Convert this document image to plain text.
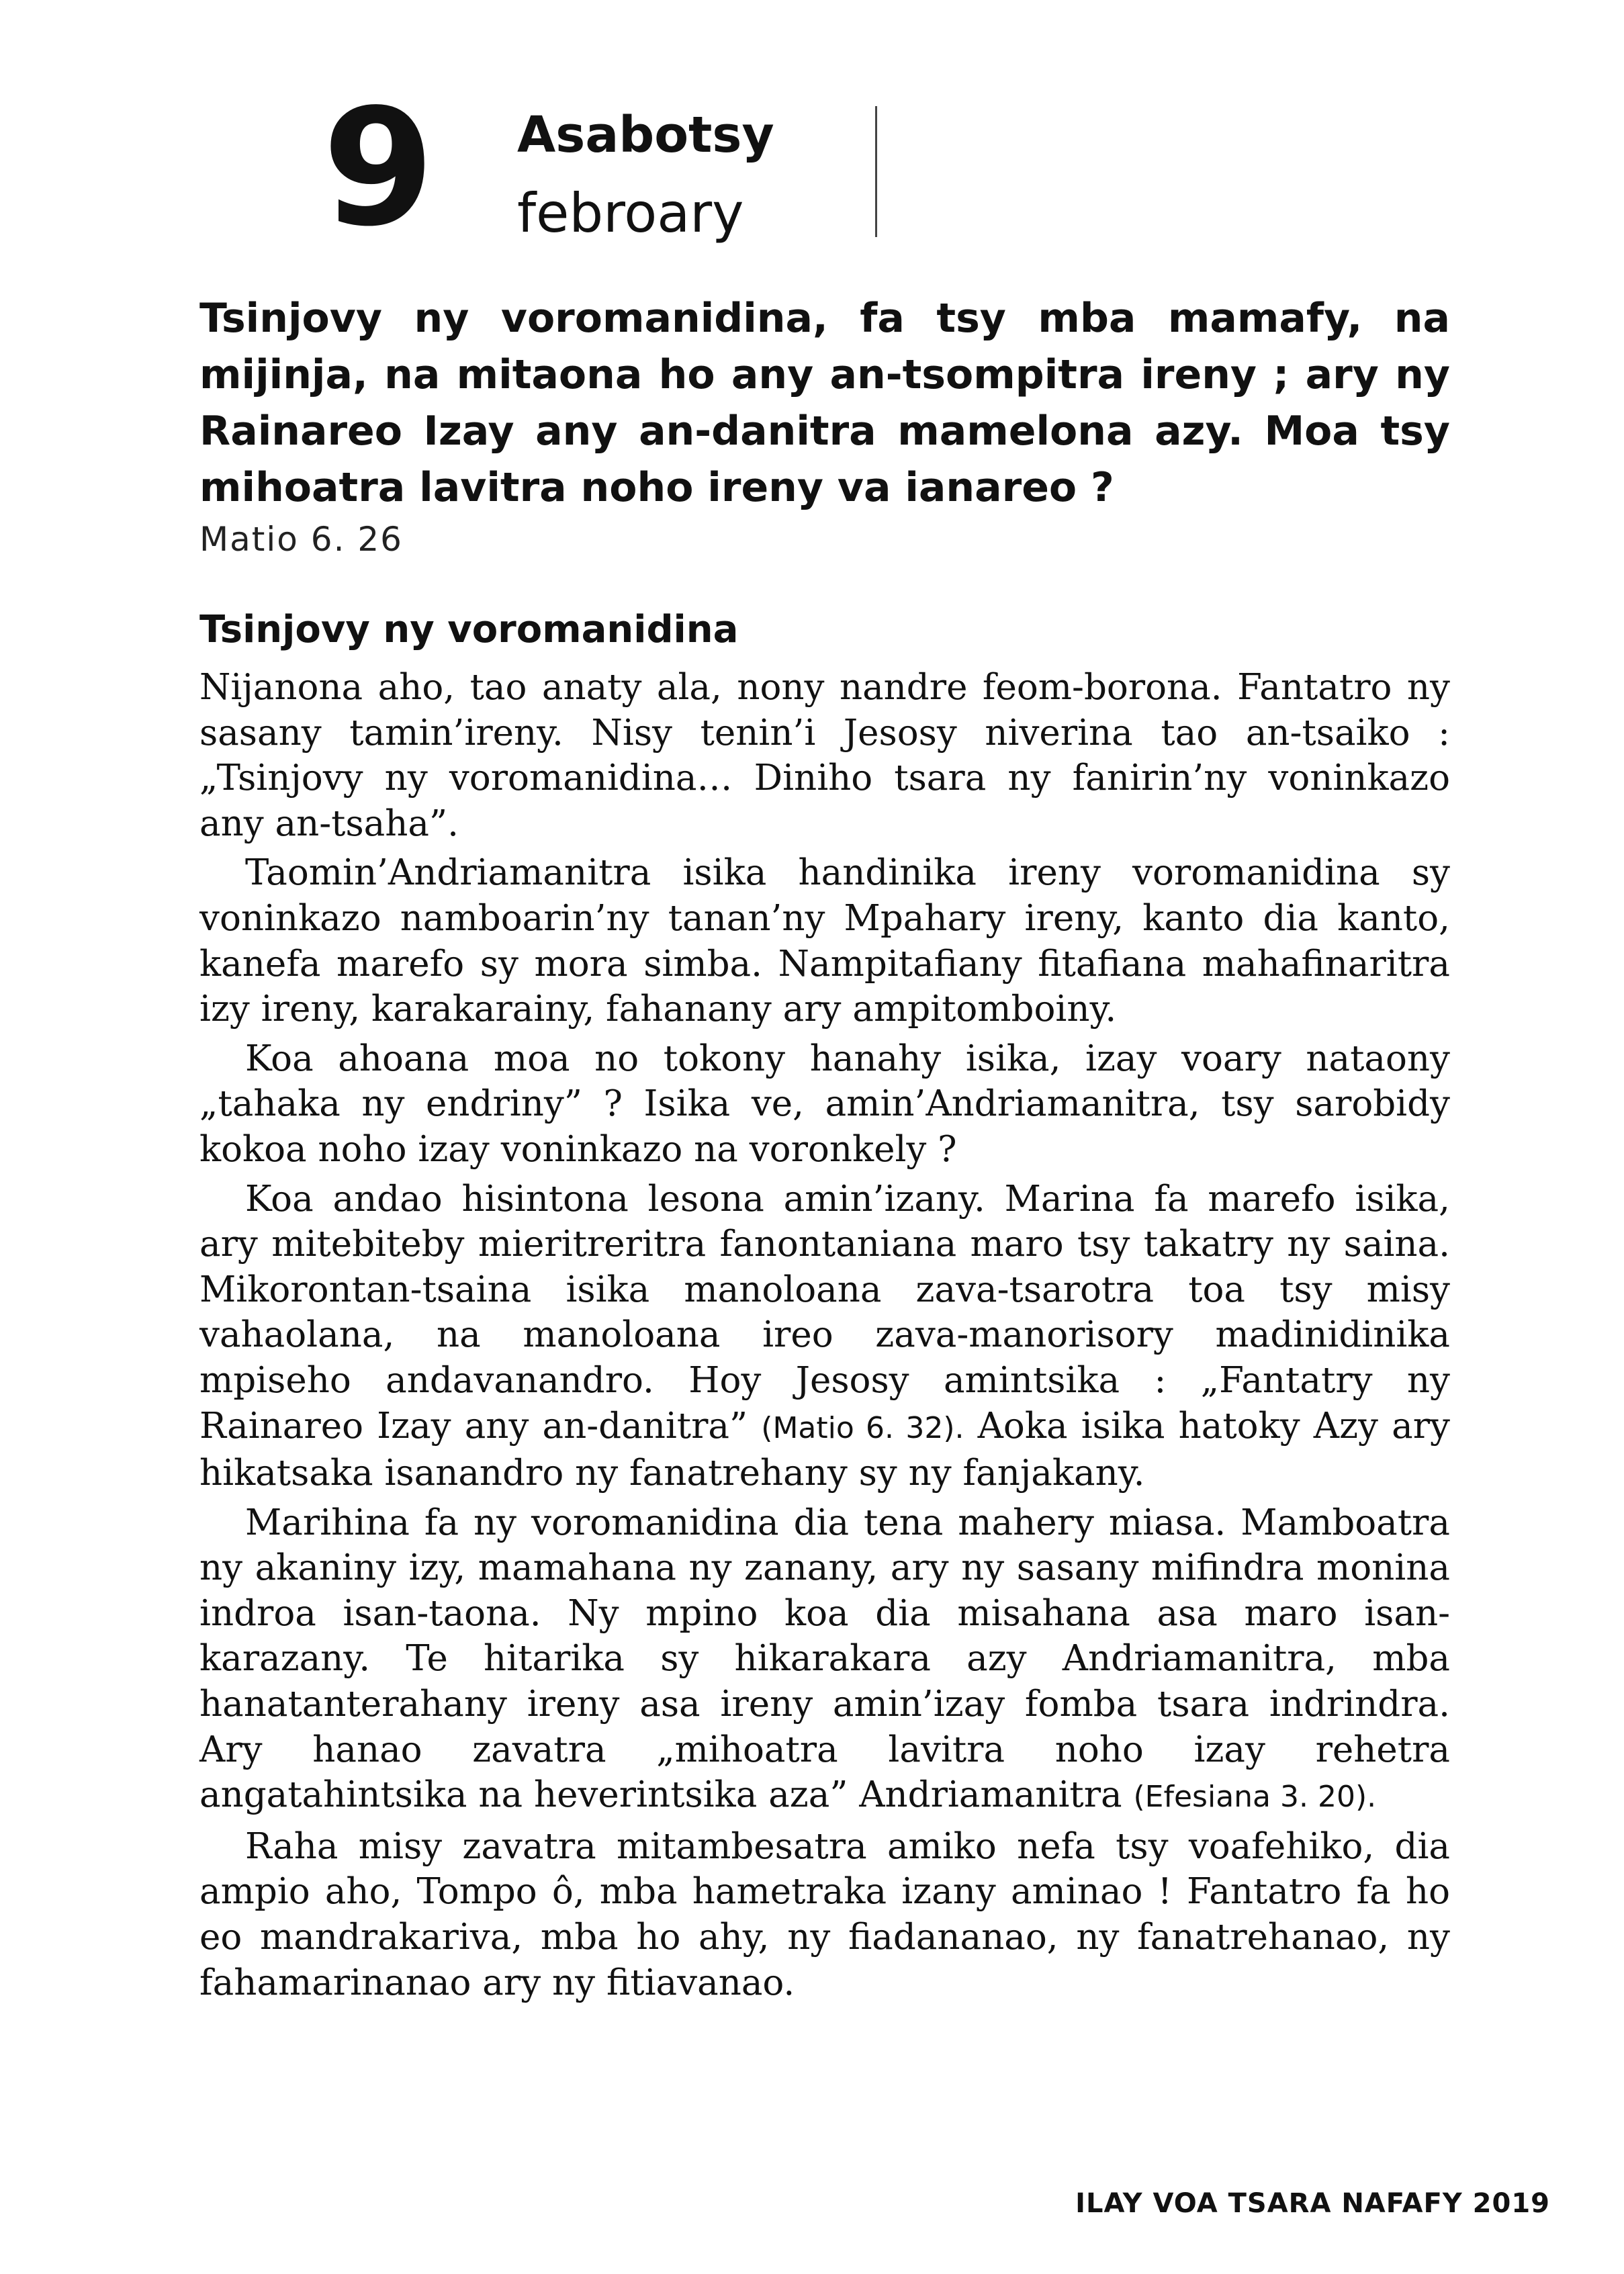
9 Asabotsy
febroary

Tsinjovy ny voromanidina, fa tsy mba mamafy, na mijinja, na mitaona ho any an-tsompitra ireny ; ary ny Rainareo Izay any an-danitra mamelona azy. Moa tsy mihoatra lavitra noho ireny va ianareo ?

Matio 6. 26
Tsinjovy ny voromanidina

Nijanona aho, tao anaty ala, nony nandre feom-borona. Fantatro ny sasany tamin’ireny. Nisy tenin’i Jesosy niverina tao an-tsaiko : „Tsinjovy ny voromanidina… Diniho tsara ny fanirin’ny voninkazo any an-tsaha”.

Taomin’Andriamanitra isika handinika ireny voromanidina sy voninkazo namboarin’ny tanan’ny Mpahary ireny, kanto dia kanto, kanefa marefo sy mora simba. Nampitafiany fitafiana mahafinaritra izy ireny, karakarainy, fahanany ary ampitomboiny.

Koa ahoana moa no tokony hanahy isika, izay voary nataony „tahaka ny endriny” ? Isika ve, amin’Andriamanitra, tsy sarobidy kokoa noho izay voninkazo na voronkely ?

Koa andao hisintona lesona amin’izany. Marina fa marefo isika, ary mitebiteby mieritreritra fanontaniana maro tsy takatry ny saina. Mikorontan-tsaina isika manoloana zava-tsarotra toa tsy misy vahaolana, na manoloana ireo zava-manorisory madinidinika mpiseho andavanandro. Hoy Jesosy amintsika : „Fantatry ny Rainareo Izay any an-danitra” (Matio 6. 32). Aoka isika hatoky Azy ary hikatsaka isanandro ny fanatrehany sy ny fanjakany.

Marihina fa ny voromanidina dia tena mahery miasa. Mamboatra ny akaniny izy, mamahana ny zanany, ary ny sasany mifindra monina indroa isan-taona. Ny mpino koa dia misahana asa maro isan-karazany. Te hitarika sy hikarakara azy Andriamanitra, mba hanatanterahany ireny asa ireny amin’izay fomba tsara indrindra. Ary hanao zavatra „mihoatra lavitra noho izay rehetra angatahintsika na heverintsika aza” Andriamanitra (Efesiana 3. 20).

Raha misy zavatra mitambesatra amiko nefa tsy voafehiko, dia ampio aho, Tompo ô, mba hametraka izany aminao ! Fantatro fa ho eo mandrakariva, mba ho ahy, ny fiadananao, ny fanatrehanao, ny fahamarinanao ary ny fitiavanao.

ILAY VOA TSARA NAFAFY 2019
